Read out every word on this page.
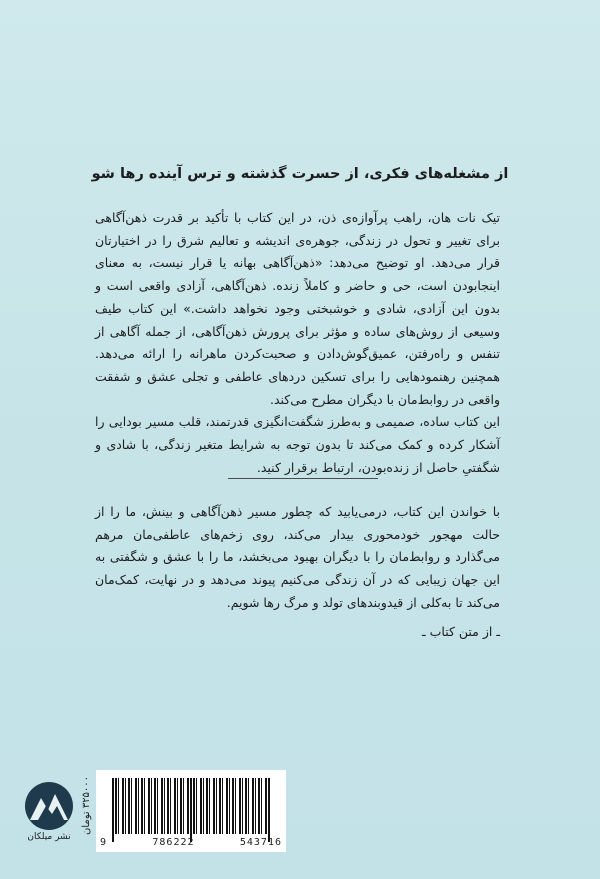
از مشغله‌های فکری، از حسرت گذشته و ترس آینده رها شو

تیک نات هان، راهب پرآوازه‌ی ذن، در این کتاب با تأکید بر قدرت ذهن‌آگاهی برای تغییر و تحول در زندگی، جوهره‌ی اندیشه و تعالیم شرق را در اختیارتان قرار می‌دهد. او توضیح می‌دهد: «ذهن‌آگاهی بهانه یا قرار نیست، به معنای اینجابودن است، حی و حاضر و کاملاً زنده. ذهن‌آگاهی، آزادی واقعی است و بدون این آزادی، شادی و خوشبختی وجود نخواهد داشت.» این کتاب طیف وسیعی از روش‌های ساده و مؤثر برای پرورش ذهن‌آگاهی، از جمله آگاهی از تنفس و راه‌رفتن، عمیق‌گوش‌دادن و صحبت‌کردن ماهرانه را ارائه می‌دهد. همچنین رهنمودهایی را برای تسکین دردهای عاطفی و تجلی عشق و شفقت واقعی در روابط‌مان با دیگران مطرح می‌کند.

این کتاب ساده، صمیمی و به‌طرز شگفت‌انگیزی قدرتمند، قلب مسیر بودایی را آشکار کرده و کمک می‌کند تا بدون توجه به شرایط متغیر زندگی، با شادی و شگفتیِ حاصل از زنده‌بودن، ارتباط برقرار کنید.

با خواندن این کتاب، درمی‌یابید که چطور مسیر ذهن‌آگاهی و بینش، ما را از حالت مهجور خودمحوری بیدار می‌کند، روی زخم‌های عاطفی‌مان مرهم می‌گذارد و روابط‌مان را با دیگران بهبود می‌بخشد، ما را با عشق و شگفتی به این جهان زیبایی که در آن زندگی می‌کنیم پیوند می‌دهد و در نهایت، کمک‌مان می‌کند تا به‌کلی از قیدوبندهای تولد و مرگ رها شویم.

ـ از متن کتاب ـ
نشر میلکان
۳۲۵۰۰۰ تومان
9	786222	543716
